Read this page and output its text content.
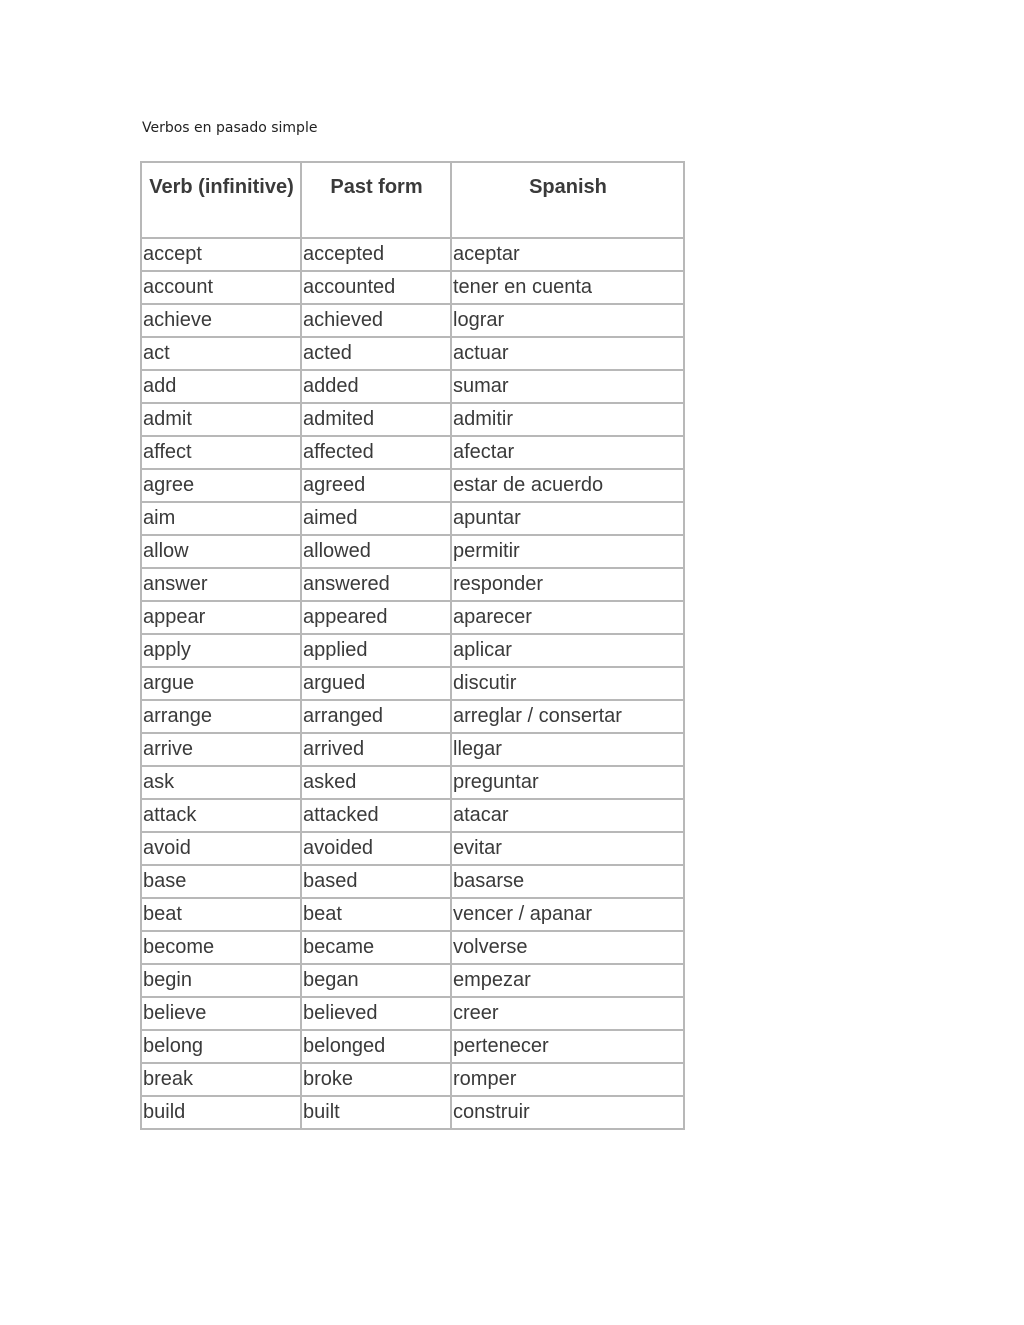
Verbos en pasado simple
Verb (infinitive)	Past form	Spanish
accept	accepted	aceptar
account	accounted	tener en cuenta
achieve	achieved	lograr
act	acted	actuar
add	added	sumar
admit	admited	admitir
affect	affected	afectar
agree	agreed	estar de acuerdo
aim	aimed	apuntar
allow	allowed	permitir
answer	answered	responder
appear	appeared	aparecer
apply	applied	aplicar
argue	argued	discutir
arrange	arranged	arreglar / consertar
arrive	arrived	llegar
ask	asked	preguntar
attack	attacked	atacar
avoid	avoided	evitar
base	based	basarse
beat	beat	vencer / apanar
become	became	volverse
begin	began	empezar
believe	believed	creer
belong	belonged	pertenecer
break	broke	romper
build	built	construir
